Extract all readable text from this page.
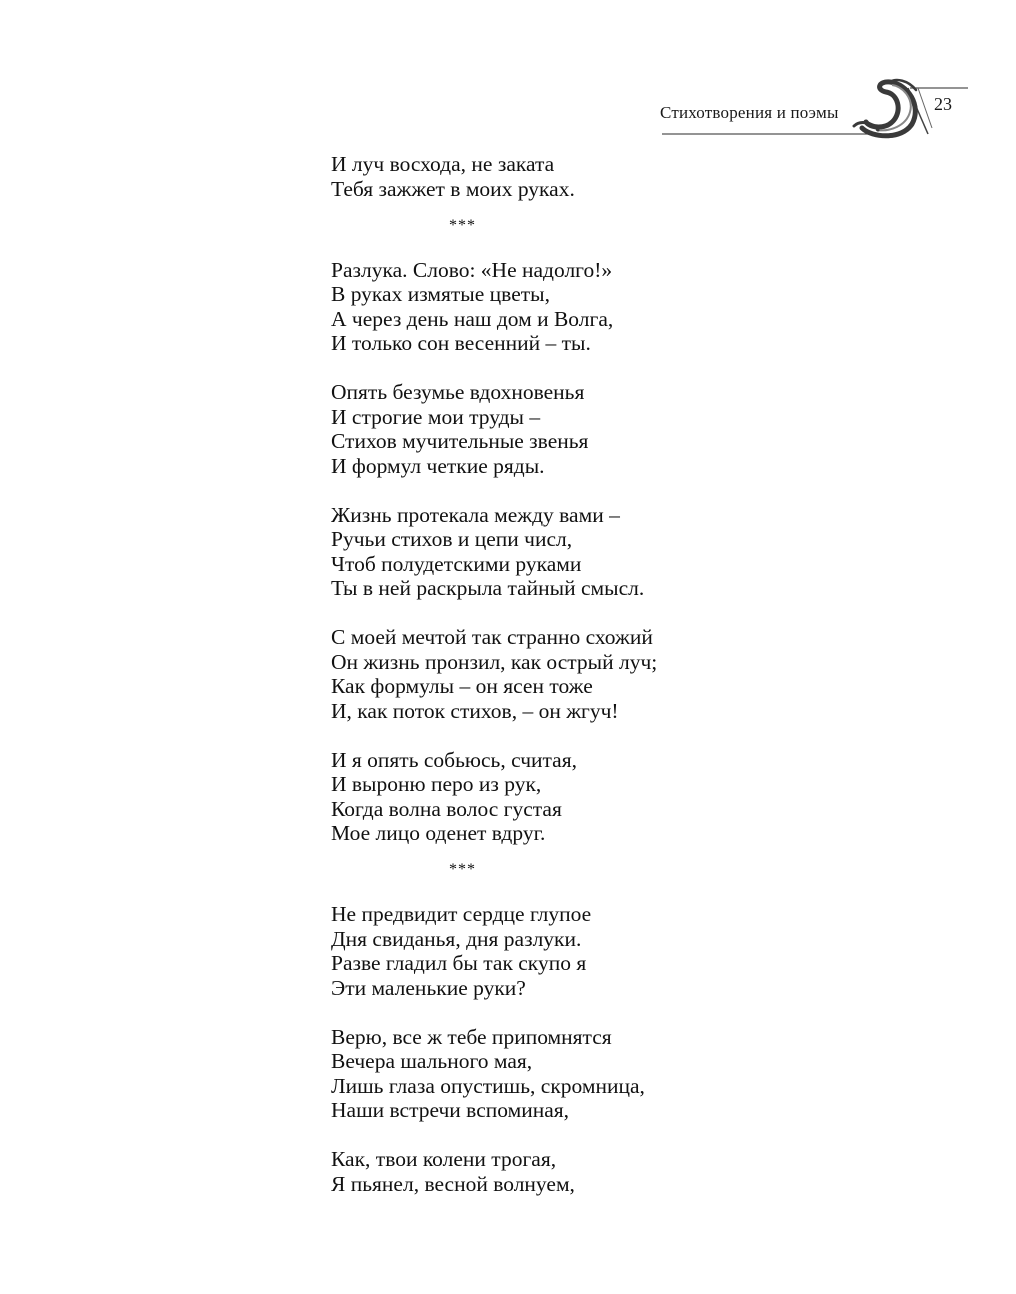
Стихотворения и поэмы	23
И луч восхода, не заката
Тебя зажжет в моих руках.
***
Разлука. Слово: «Не надолго!»
В руках измятые цветы,
А через день наш дом и Волга,
И только сон весенний – ты.
Опять безумье вдохновенья
И строгие мои труды –
Стихов мучительные звенья
И формул четкие ряды.
Жизнь протекала между вами –
Ручьи стихов и цепи числ,
Чтоб полудетскими руками
Ты в ней раскрыла тайный смысл.
С моей мечтой так странно схожий
Он жизнь пронзил, как острый луч;
Как формулы – он ясен тоже
И, как поток стихов, – он жгуч!
И я опять собьюсь, считая,
И выроню перо из рук,
Когда волна волос густая
Мое лицо оденет вдруг.
***
Не предвидит сердце глупое
Дня свиданья, дня разлуки.
Разве гладил бы так скупо я
Эти маленькие руки?
Верю, все ж тебе припомнятся
Вечера шального мая,
Лишь глаза опустишь, скромница,
Наши встречи вспоминая,
Как, твои колени трогая,
Я пьянел, весной волнуем,
